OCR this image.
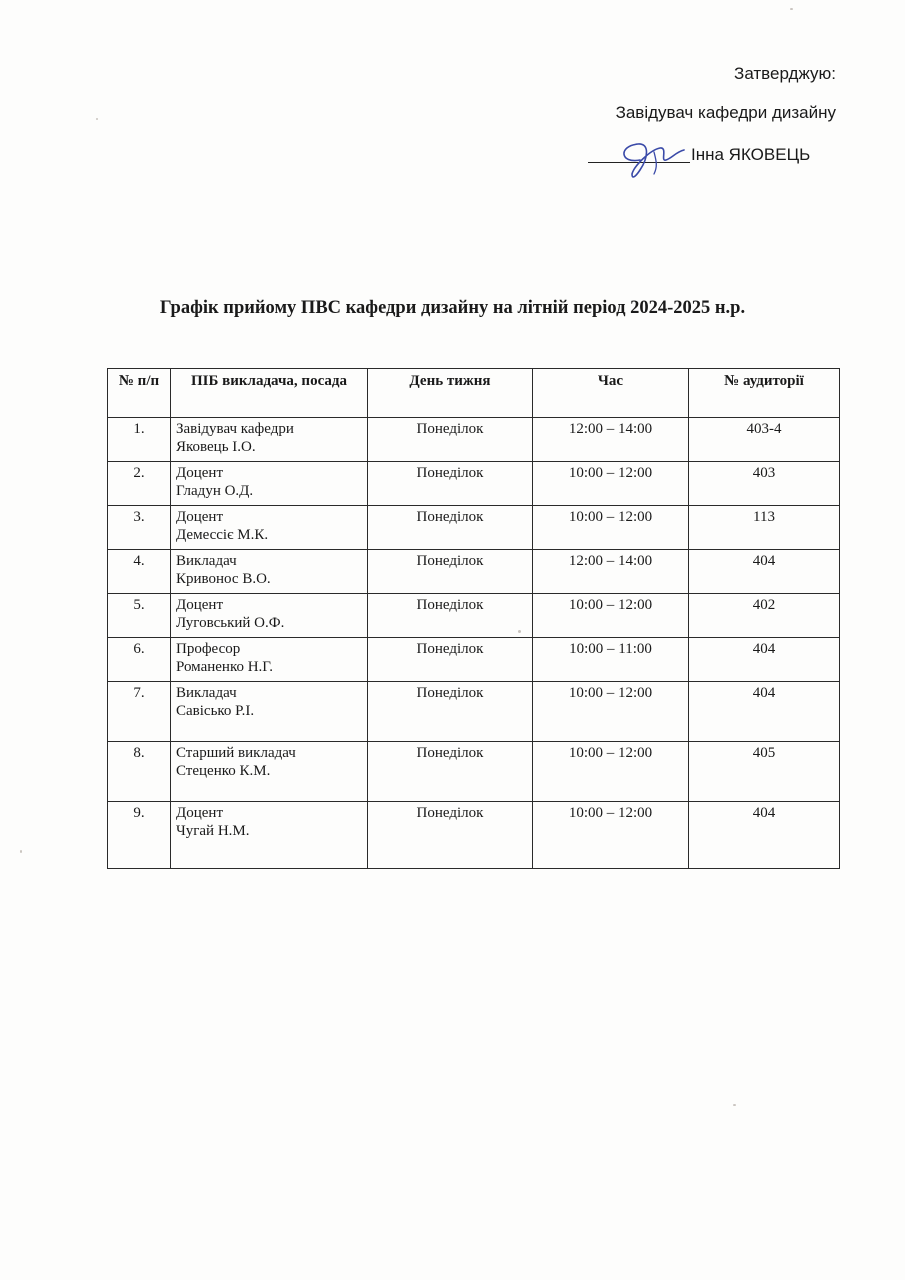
Затверджую:
Завідувач кафедри дизайну
Інна ЯКОВЕЦЬ
Графік прийому ПВС кафедри дизайну на літній період 2024-2025 н.р.
№ п/п	ПІБ викладача, посада	День тижня	Час	№ аудиторії
1.	Завідувач кафедри
Яковець І.О.	Понеділок	12:00 – 14:00	403-4
2.	Доцент
Гладун О.Д.	Понеділок	10:00 – 12:00	403
3.	Доцент
Демессіє М.К.	Понеділок	10:00 – 12:00	113
4.	Викладач
Кривонос В.О.	Понеділок	12:00 – 14:00	404
5.	Доцент
Луговський О.Ф.	Понеділок	10:00 – 12:00	402
6.	Професор
Романенко Н.Г.	Понеділок	10:00 – 11:00	404
7.	Викладач
Савісько Р.І.	Понеділок	10:00 – 12:00	404
8.	Старший викладач
Стеценко К.М.	Понеділок	10:00 – 12:00	405
9.	Доцент
Чугай Н.М.	Понеділок	10:00 – 12:00	404
